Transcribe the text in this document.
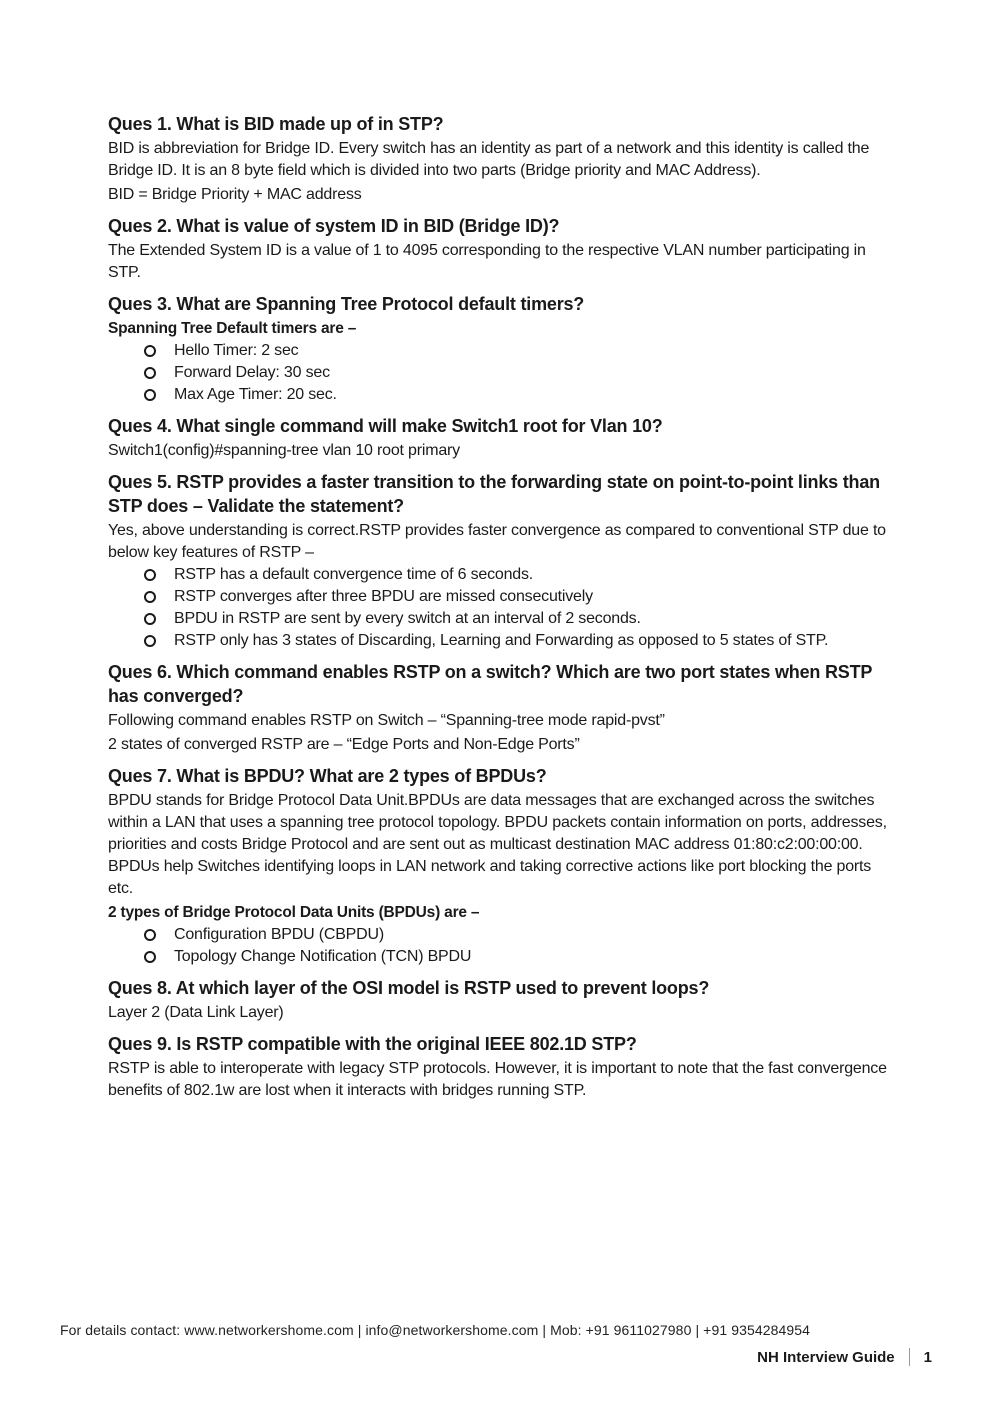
Ques 1. What is BID made up of in STP?

BID is abbreviation for Bridge ID. Every switch has an identity as part of a network and this identity is called the Bridge ID. It is an 8 byte field which is divided into two parts (Bridge priority and MAC Address).

BID = Bridge Priority + MAC address

Ques 2. What is value of system ID in BID (Bridge ID)?

The Extended System ID is a value of 1 to 4095 corresponding to the respective VLAN number participating in STP.

Ques 3. What are Spanning Tree Protocol default timers?

Spanning Tree Default timers are –

Hello Timer: 2 sec
Forward Delay: 30 sec
Max Age Timer: 20 sec.
Ques 4. What single command will make Switch1 root for Vlan 10?

Switch1(config)#spanning-tree vlan 10 root primary

Ques 5. RSTP provides a faster transition to the forwarding state on point-to-point links than STP does – Validate the statement?

Yes, above understanding is correct.RSTP provides faster convergence as compared to conventional STP due to below key features of RSTP –

RSTP has a default convergence time of 6 seconds.
RSTP converges after three BPDU are missed consecutively
BPDU in RSTP are sent by every switch at an interval of 2 seconds.
RSTP only has 3 states of Discarding, Learning and Forwarding as opposed to 5 states of STP.
Ques 6. Which command enables RSTP on a switch? Which are two port states when RSTP has converged?

Following command enables RSTP on Switch – “Spanning-tree mode rapid-pvst”

2 states of converged RSTP are – “Edge Ports and Non-Edge Ports”

Ques 7. What is BPDU? What are 2 types of BPDUs?

BPDU stands for Bridge Protocol Data Unit.BPDUs are data messages that are exchanged across the switches within a LAN that uses a spanning tree protocol topology. BPDU packets contain information on ports, addresses, priorities and costs Bridge Protocol and are sent out as multicast destination MAC address 01:80:c2:00:00:00. BPDUs help Switches identifying loops in LAN network and taking corrective actions like port blocking the ports etc.

2 types of Bridge Protocol Data Units (BPDUs) are –

Configuration BPDU (CBPDU)
Topology Change Notification (TCN) BPDU
Ques 8. At which layer of the OSI model is RSTP used to prevent loops?

Layer 2 (Data Link Layer)

Ques 9. Is RSTP compatible with the original IEEE 802.1D STP?

RSTP is able to interoperate with legacy STP protocols. However, it is important to note that the fast convergence benefits of 802.1w are lost when it interacts with bridges running STP.

For details contact: www.networkershome.com | info@networkershome.com | Mob: +91 9611027980 | +91 9354284954
NH Interview Guide 1
